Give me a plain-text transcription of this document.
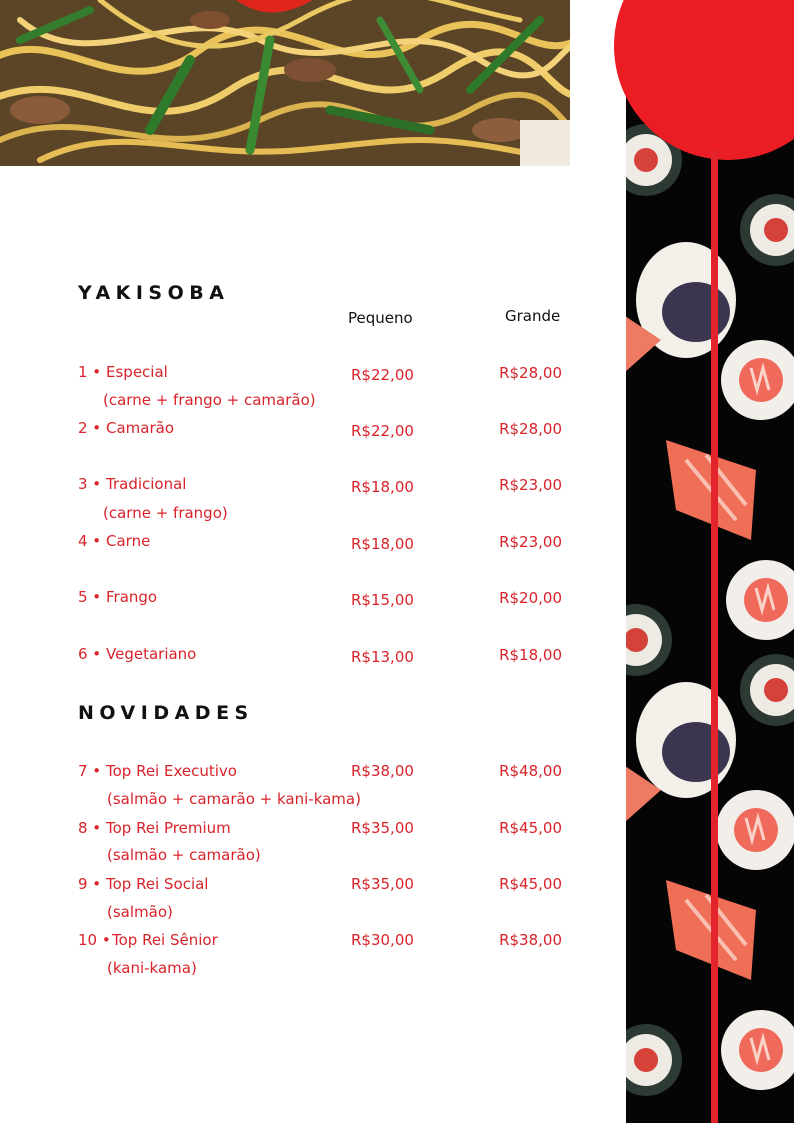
YAKISOBA
Pequeno	Grande
1 • Especial	R$22,00	R$28,00
(carne + frango + camarão)
2 • Camarão	R$22,00	R$28,00
3 • Tradicional	R$18,00	R$23,00
(carne + frango)
4 • Carne	R$18,00	R$23,00
5 • Frango	R$15,00	R$20,00
6 • Vegetariano	R$13,00	R$18,00
NOVIDADES
7 • Top Rei Executivo	R$38,00	R$48,00
(salmão + camarão + kani-kama)
8 • Top Rei Premium	R$35,00	R$45,00
(salmão + camarão)
9 • Top Rei Social	R$35,00	R$45,00
(salmão)
10 • Top Rei Sênior	R$30,00	R$38,00
(kani-kama)
